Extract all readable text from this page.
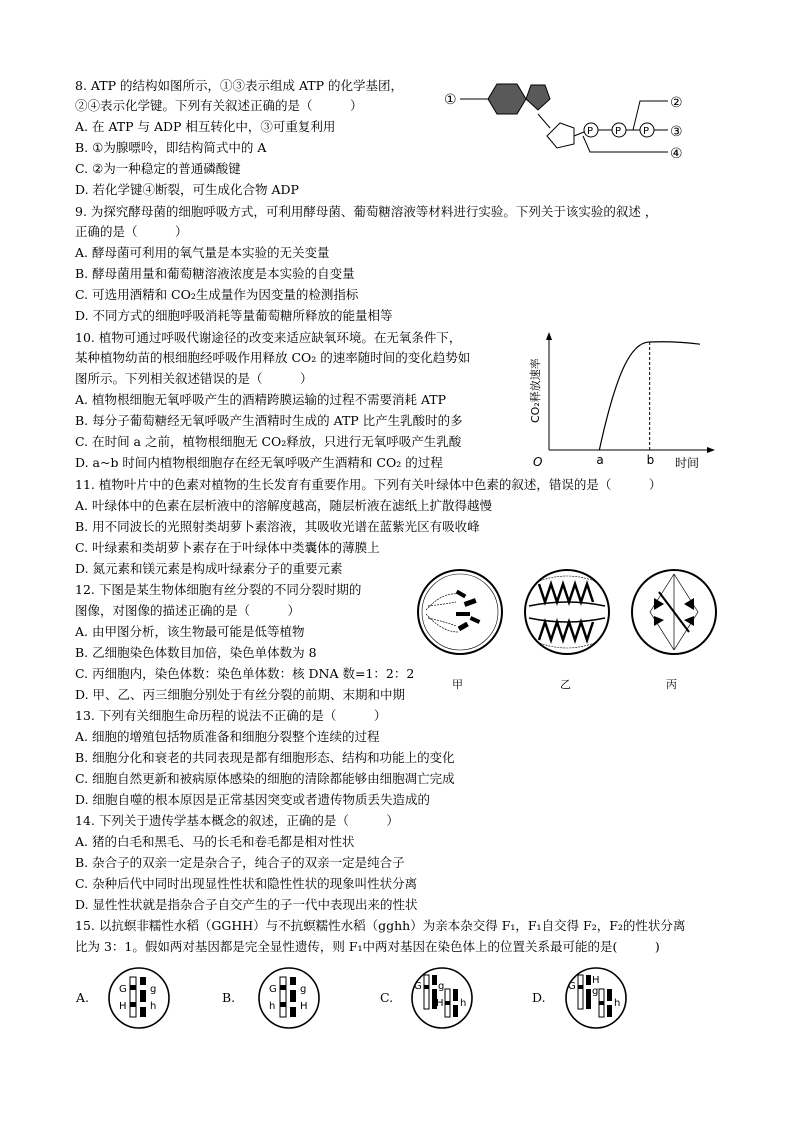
8. ATP 的结构如图所示，①③表示组成 ATP 的化学基团，
②④表示化学键。下列有关叙述正确的是（　　　）
A. 在 ATP 与 ADP 相互转化中，③可重复利用
B. ①为腺嘌呤，即结构简式中的 A
C. ②为一种稳定的普通磷酸键
D. 若化学键④断裂，可生成化合物 ADP
①
P P P
②
③
④
9. 为探究酵母菌的细胞呼吸方式，可利用酵母菌、葡萄糖溶液等材料进行实验。下列关于该实验的叙述 ，
正确的是（　　　）
A. 酵母菌可利用的氧气量是本实验的无关变量
B. 酵母菌用量和葡萄糖溶液浓度是本实验的自变量
C. 可选用酒精和 CO₂生成量作为因变量的检测指标
D. 不同方式的细胞呼吸消耗等量葡萄糖所释放的能量相等
10. 植物可通过呼吸代谢途径的改变来适应缺氧环境。在无氧条件下，
某种植物幼苗的根细胞经呼吸作用释放 CO₂ 的速率随时间的变化趋势如
图所示。下列相关叙述错误的是（　　　）
A. 植物根细胞无氧呼吸产生的酒精跨膜运输的过程不需要消耗 ATP
B. 每分子葡萄糖经无氧呼吸产生酒精时生成的 ATP 比产生乳酸时的多
C. 在时间 a 之前，植物根细胞无 CO₂释放，只进行无氧呼吸产生乳酸
D. a~b 时间内植物根细胞存在经无氧呼吸产生酒精和 CO₂ 的过程
CO₂释放速率
O	a	b 时间
11. 植物叶片中的色素对植物的生长发育有重要作用。下列有关叶绿体中色素的叙述，错误的是（　　　）
A. 叶绿体中的色素在层析液中的溶解度越高，随层析液在滤纸上扩散得越慢
B. 用不同波长的光照射类胡萝卜素溶液，其吸收光谱在蓝紫光区有吸收峰
C. 叶绿素和类胡萝卜素存在于叶绿体中类囊体的薄膜上
D. 氮元素和镁元素是构成叶绿素分子的重要元素
12. 下图是某生物体细胞有丝分裂的不同分裂时期的
图像，对图像的描述正确的是（　　　）
A. 由甲图分析，该生物最可能是低等植物
B. 乙细胞染色体数目加倍，染色单体数为 8
C. 丙细胞内，染色体数：染色单体数：核 DNA 数=1：2：2
D. 甲、乙、丙三细胞分别处于有丝分裂的前期、末期和中期
甲	乙	丙
13. 下列有关细胞生命历程的说法不正确的是（　　　）
A. 细胞的增殖包括物质准备和细胞分裂整个连续的过程
B. 细胞分化和衰老的共同表现是都有细胞形态、结构和功能上的变化
C. 细胞自然更新和被病原体感染的细胞的清除都能够由细胞凋亡完成
D. 细胞自噬的根本原因是正常基因突变或者遗传物质丢失造成的
14. 下列关于遗传学基本概念的叙述，正确的是（　　　）
A. 猪的白毛和黑毛、马的长毛和卷毛都是相对性状
B. 杂合子的双亲一定是杂合子，纯合子的双亲一定是纯合子
C. 杂种后代中同时出现显性性状和隐性性状的现象叫性状分离
D. 显性性状就是指杂合子自交产生的子一代中表现出来的性状
15. 以抗螟非糯性水稻（GGHH）与不抗螟糯性水稻（gghh）为亲本杂交得 F₁，F₁自交得 F₂，F₂的性状分离
比为 3：1。假如两对基因都是完全显性遗传，则 F₁中两对基因在染色体上的位置关系最可能的是(　　　)
A.	B.	C.	D.
G g
H h
G g
h H
G g
H h
G
H
g
h
